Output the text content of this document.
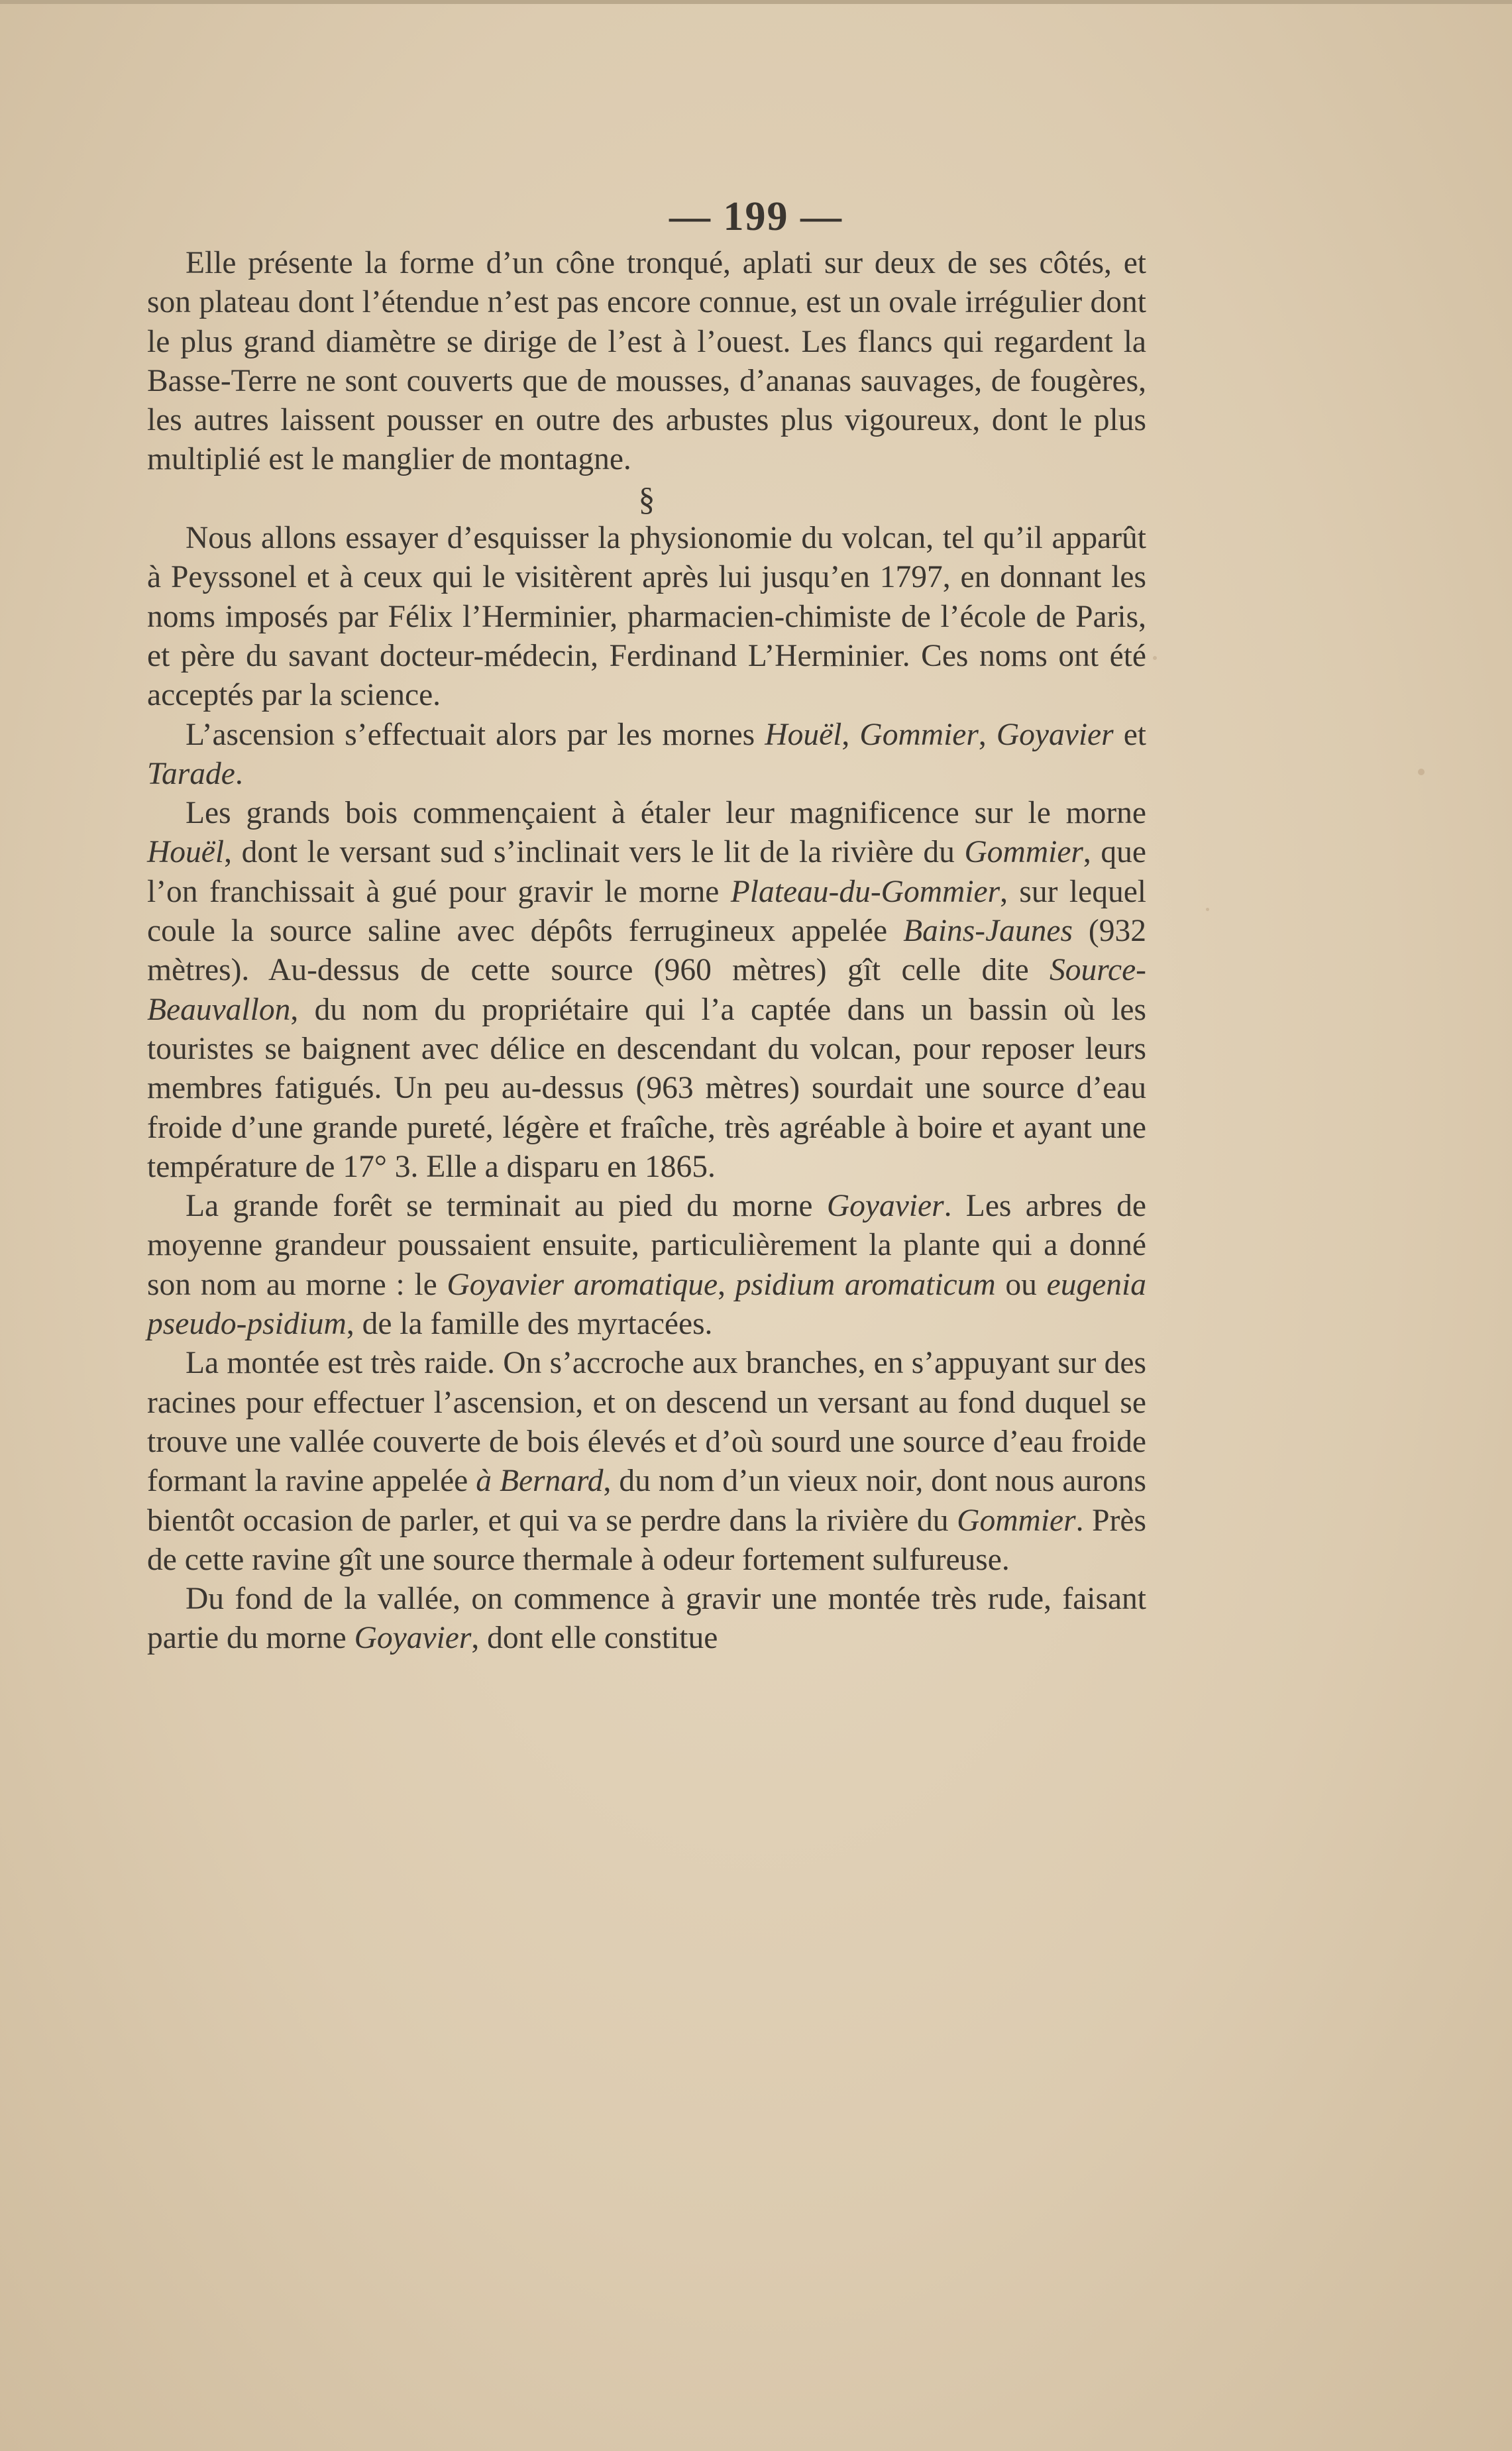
— 199 —

Elle présente la forme d’un cône tronqué, aplati sur deux de ses côtés, et son plateau dont l’étendue n’est pas encore connue, est un ovale irrégulier dont le plus grand diamètre se dirige de l’est à l’ouest. Les flancs qui regardent la Basse-Terre ne sont couverts que de mousses, d’ananas sauvages, de fougères, les autres laissent pousser en outre des arbustes plus vigoureux, dont le plus multiplié est le manglier de montagne.

§

Nous allons essayer d’esquisser la physionomie du volcan, tel qu’il apparût à Peyssonel et à ceux qui le visitèrent après lui jusqu’en 1797, en donnant les noms imposés par Félix l’Herminier, pharmacien-chimiste de l’école de Paris, et père du savant docteur-médecin, Ferdinand L’Herminier. Ces noms ont été acceptés par la science.

L’ascension s’effectuait alors par les mornes Houël, Gommier, Goyavier et Tarade.

Les grands bois commençaient à étaler leur magnificence sur le morne Houël, dont le versant sud s’inclinait vers le lit de la rivière du Gommier, que l’on franchissait à gué pour gravir le morne Plateau-du-Gommier, sur lequel coule la source saline avec dépôts ferrugineux appelée Bains-Jaunes (932 mètres). Au-dessus de cette source (960 mètres) gît celle dite Source-Beauvallon, du nom du propriétaire qui l’a captée dans un bassin où les touristes se baignent avec délice en descendant du volcan, pour reposer leurs membres fatigués. Un peu au-dessus (963 mètres) sourdait une source d’eau froide d’une grande pureté, légère et fraîche, très agréable à boire et ayant une température de 17° 3. Elle a disparu en 1865.

La grande forêt se terminait au pied du morne Goyavier. Les arbres de moyenne grandeur poussaient ensuite, particulièrement la plante qui a donné son nom au morne : le Goyavier aromatique, psidium aromaticum ou eugenia pseudo-psidium, de la famille des myrtacées.

La montée est très raide. On s’accroche aux branches, en s’appuyant sur des racines pour effectuer l’ascension, et on descend un versant au fond duquel se trouve une vallée couverte de bois élevés et d’où sourd une source d’eau froide formant la ravine appelée à Bernard, du nom d’un vieux noir, dont nous aurons bientôt occasion de parler, et qui va se perdre dans la rivière du Gommier. Près de cette ravine gît une source thermale à odeur fortement sulfureuse.

Du fond de la vallée, on commence à gravir une montée très rude, faisant partie du morne Goyavier, dont elle constitue
